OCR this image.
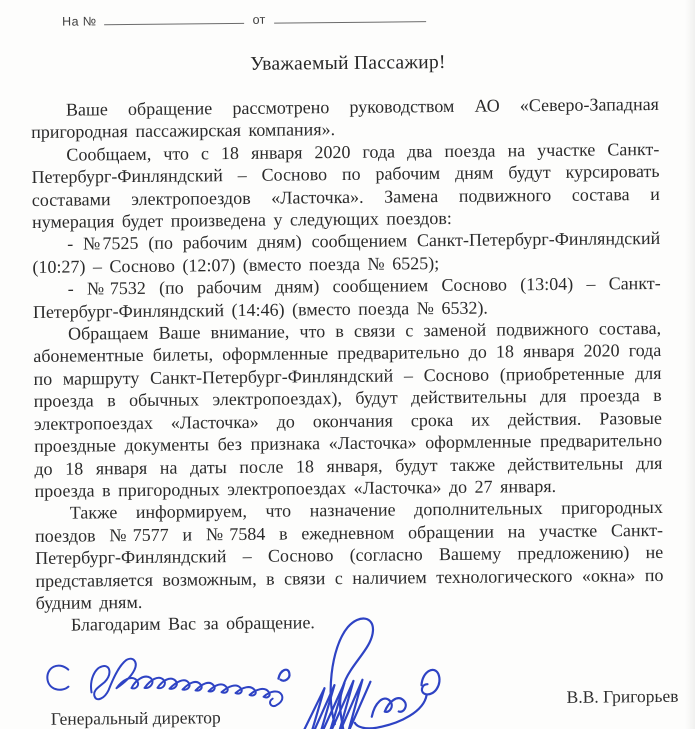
На №	от
Уважаемый Пассажир!

Ваше обращение рассмотрено руководством АО «Северо-Западная пригородная пассажирская компания».

Сообщаем, что с 18 января 2020 года два поезда на участке Санкт-Петербург-Финляндский – Сосново по рабочим дням будут курсировать составами электропоездов «Ласточка». Замена подвижного состава и нумерация будет произведена у следующих поездов:

- №7525 (по рабочим дням) сообщением Санкт-Петербург-Финляндский (10:27) – Сосново (12:07) (вместо поезда № 6525);

- №7532 (по рабочим дням) сообщением Сосново (13:04) – Санкт-Петербург-Финляндский (14:46) (вместо поезда № 6532).

Обращаем Ваше внимание, что в связи с заменой подвижного состава, абонементные билеты, оформленные предварительно до 18 января 2020 года по маршруту Санкт-Петербург-Финляндский – Сосново (приобретенные для проезда в обычных электропоездах), будут действительны для проезда в электропоездах «Ласточка» до окончания срока их действия. Разовые проездные документы без признака «Ласточка» оформленные предварительно до 18 января на даты после 18 января, будут также действительны для проезда в пригородных электропоездах «Ласточка» до 27 января.

Также информируем, что назначение дополнительных пригородных поездов №7577 и №7584 в ежедневном обращении на участке Санкт-Петербург-Финляндский – Сосново (согласно Вашему предложению) не представляется возможным, в связи с наличием технологического «окна» по будним дням.

Благодарим Вас за обращение.

Генеральный директор
В.В. Григорьев
